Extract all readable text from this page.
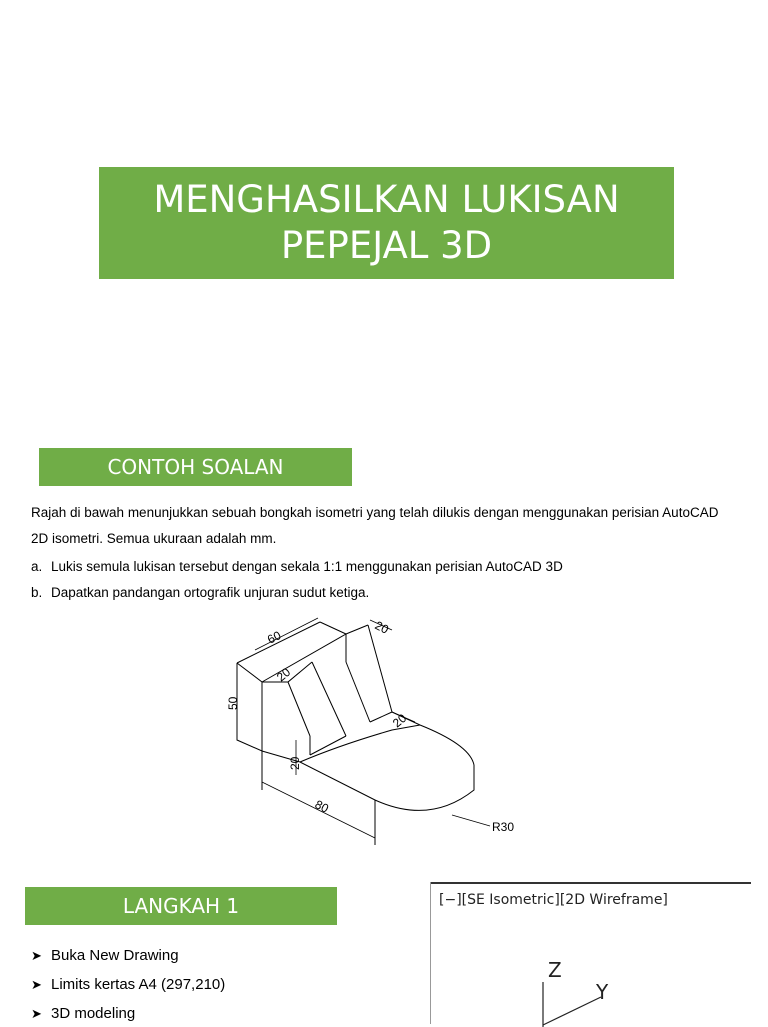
MENGHASILKAN LUKISAN
PEPEJAL 3D
CONTOH SOALAN
Rajah di bawah menunjukkan sebuah bongkah isometri yang telah dilukis dengan menggunakan perisian AutoCAD 2D isometri. Semua ukuraan adalah mm.
a. Lukis semula lukisan tersebut dengan sekala 1:1 menggunakan perisian AutoCAD 3D
b. Dapatkan pandangan ortografik unjuran sudut ketiga.
60
20
20
20
50
20
80
R30
LANGKAH 1
➤ Buka New Drawing
➤ Limits kertas A4 (297,210)
➤ 3D modeling
[−][SE Isometric][2D Wireframe]
Z
Y
